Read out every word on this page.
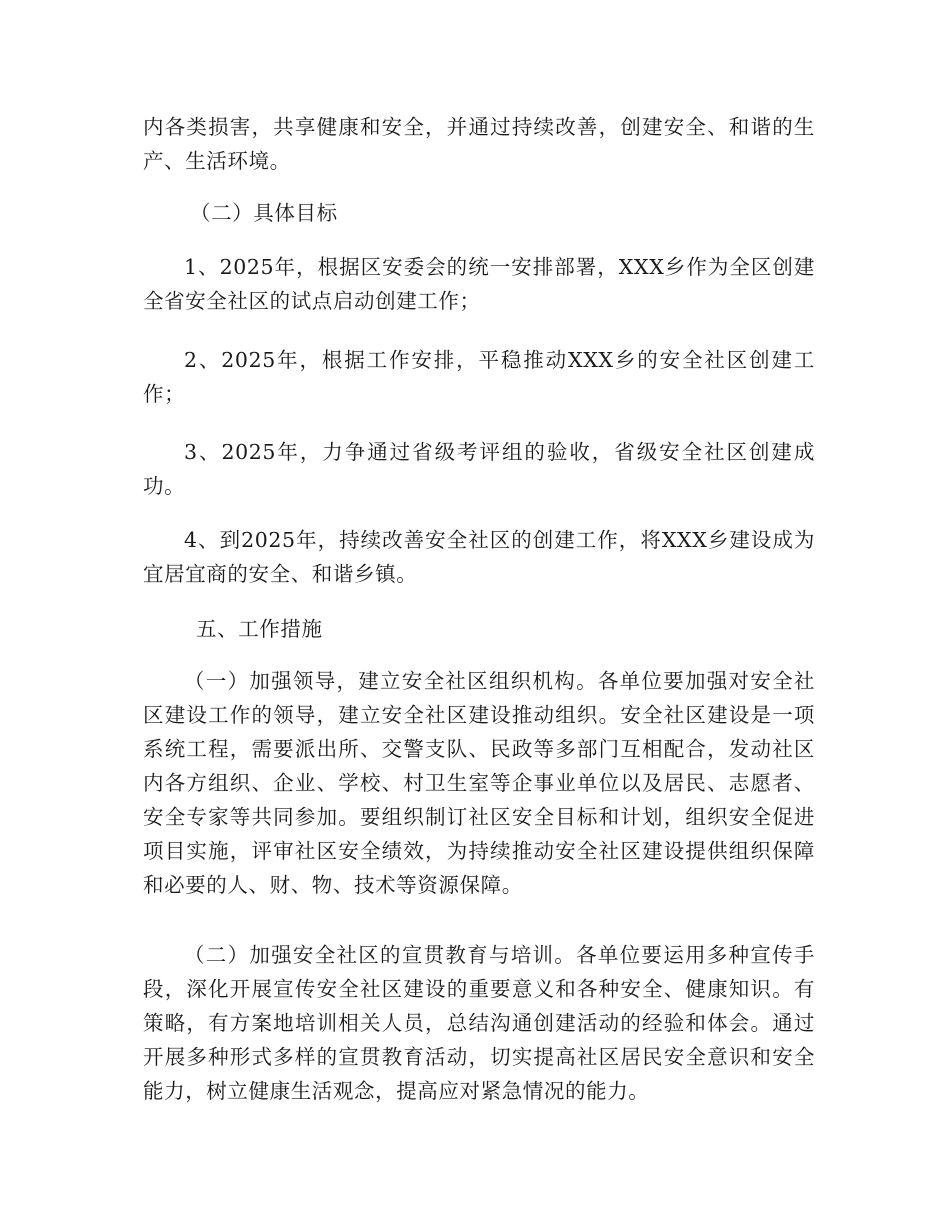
内各类损害，共享健康和安全，并通过持续改善，创建安全、和谐的生产、生活环境。

（二）具体目标

1、2025年，根据区安委会的统一安排部署，XXX乡作为全区创建全省安全社区的试点启动创建工作；

2、2025年，根据工作安排，平稳推动XXX乡的安全社区创建工作；

3、2025年，力争通过省级考评组的验收，省级安全社区创建成功。

4、到2025年，持续改善安全社区的创建工作，将XXX乡建设成为宜居宜商的安全、和谐乡镇。

五、工作措施

（一）加强领导，建立安全社区组织机构。各单位要加强对安全社区建设工作的领导，建立安全社区建设推动组织。安全社区建设是一项系统工程，需要派出所、交警支队、民政等多部门互相配合，发动社区内各方组织、企业、学校、村卫生室等企事业单位以及居民、志愿者、安全专家等共同参加。要组织制订社区安全目标和计划，组织安全促进项目实施，评审社区安全绩效，为持续推动安全社区建设提供组织保障和必要的人、财、物、技术等资源保障。

（二）加强安全社区的宣贯教育与培训。各单位要运用多种宣传手段，深化开展宣传安全社区建设的重要意义和各种安全、健康知识。有策略，有方案地培训相关人员，总结沟通创建活动的经验和体会。通过开展多种形式多样的宣贯教育活动，切实提高社区居民安全意识和安全能力，树立健康生活观念，提高应对紧急情况的能力。
